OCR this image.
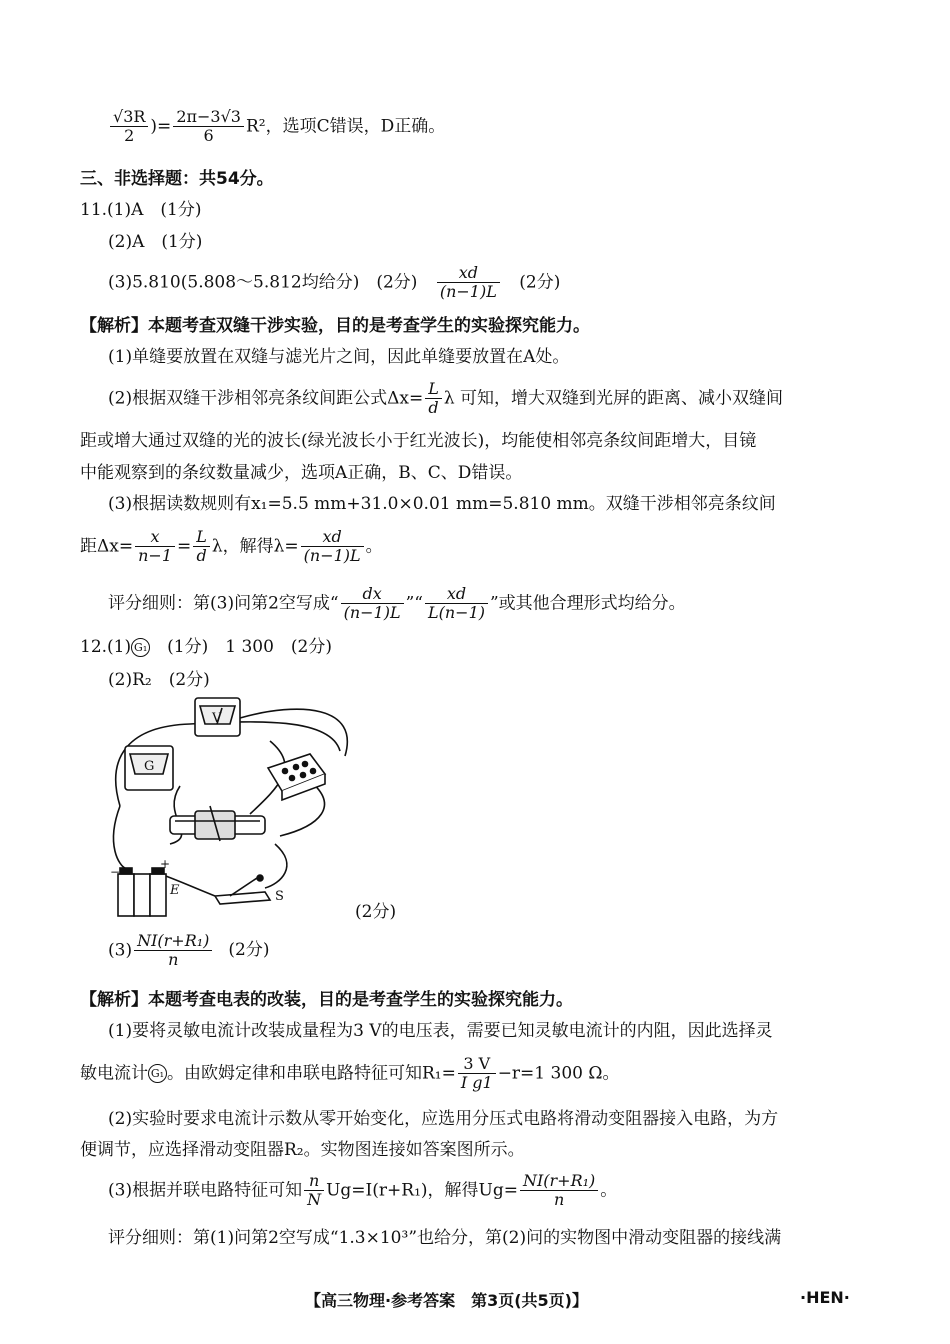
$\frac{√3R}{2}$ )= $\frac{2\pi-3√3}{6} R^2$，选项C错误，D正确。
三、非选择题：共54分。
11.(1)A　(1分)
(2)A　(1分)
(3)5.810(5.808～5.812均给分)　(2分) $\frac{xd}{(n-1)L} (2$分)
【解析】本题考查双缝干涉实验，目的是考查学生的实验探究能力。
(1)单缝要放置在双缝与滤光片之间，因此单缝要放置在A处。
(2)根据双缝干涉相邻亮条纹间距公式$\Delta x= \frac{L}{d}$ λ 可知，增大双缝到光屏的距离、减小双缝间
距或增大通过双缝的光的波长(绿光波长小于红光波长)，均能使相邻亮条纹间距增大，目镜
中能观察到的条纹数量减少，选项A正确，B、C、D错误。
(3)根据读数规则有x₁=5.5 mm+31.0×0.01 mm=5.810 mm。双缝干涉相邻亮条纹间
距$\Delta x= \frac{x}{n-1} = \frac{L}{d}$ λ，解得$\lambda= \frac{xd}{(n-1)L}$ 。
评分细则：第(3)问第2空写成“ $\frac{dx}{(n-1)L}$ ”“ $\frac{xd}{L(n-1)}$ ”或其他合理形式均给分。
12.(1) G₁　(1分)　1 300　(2分)
(2)R₂　(2分)
V
G
−
+
E	S
(2分)
$(3) \frac{\text{NI(r+R₁)}}{n} (2$分)
【解析】本题考查电表的改装，目的是考查学生的实验探究能力。
(1)要将灵敏电流计改装成量程为3 V的电压表，需要已知灵敏电流计的内阻，因此选择灵
敏电流计 G₁ 。由欧姆定律和串联电路特征可知$R_1= \frac{3 V}{\text{I g1}} -r=1$ 300 Ω。
(2)实验时要求电流计示数从零开始变化，应选用分压式电路将滑动变阻器接入电路，为方
便调节，应选择滑动变阻器R₂。实物图连接如答案图所示。
(3)根据并联电路特征可知 $\frac{n}{N} Ug=I(r+R_1)$，解得$Ug= \frac{\text{NI(r+R₁)}}{n}$ 。
评分细则：第(1)问第2空写成“1.3×10³”也给分，第(2)问的实物图中滑动变阻器的接线满
【高三物理·参考答案　第3页(共5页)】	·HEN·
